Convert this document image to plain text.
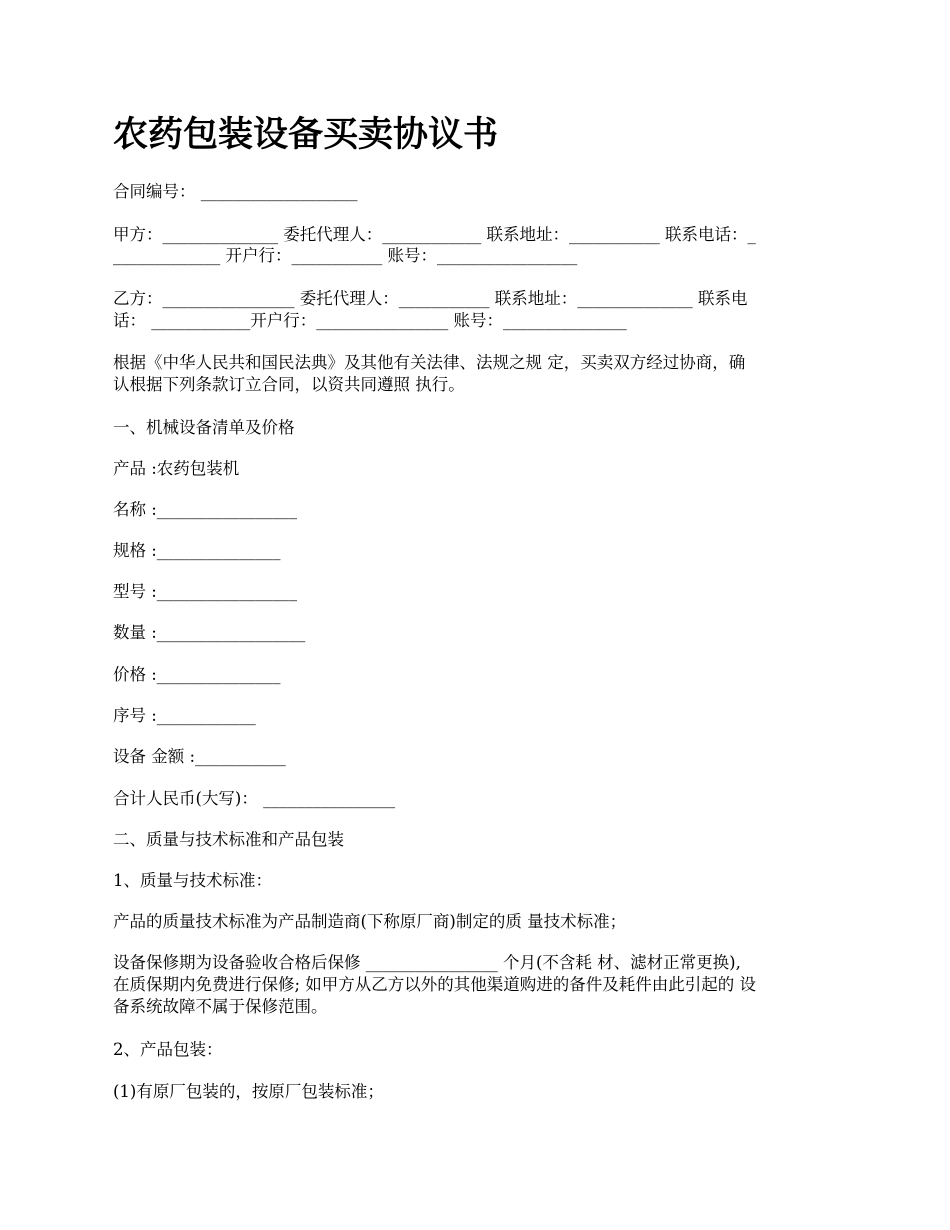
农药包装设备买卖协议书

合同编号： ___________________

甲方：______________ 委托代理人：____________ 联系地址：___________ 联系电话：_

_____________ 开户行：___________ 账号：_________________

乙方：________________ 委托代理人：___________ 联系地址：______________ 联系电

话： ____________开户行：________________ 账号：_______________

根据《中华人民共和国民法典》及其他有关法律、法规之规 定，买卖双方经过协商，确

认根据下列条款订立合同，以资共同遵照 执行。

一、机械设备清单及价格

产品 :农药包装机

名称 :_________________

规格 :_______________

型号 :_________________

数量 :__________________

价格 :_______________

序号 :____________

设备 金额 :___________

合计人民币(大写)： ________________

二、质量与技术标准和产品包装

1、质量与技术标准：

产品的质量技术标准为产品制造商(下称原厂商)制定的质 量技术标准；

设备保修期为设备验收合格后保修 ________________ 个月(不含耗 材、滤材正常更换),

在质保期内免费进行保修; 如甲方从乙方以外的其他渠道购进的备件及耗件由此引起的 设

备系统故障不属于保修范围。

2、产品包装：

(1)有原厂包装的，按原厂包装标准；
